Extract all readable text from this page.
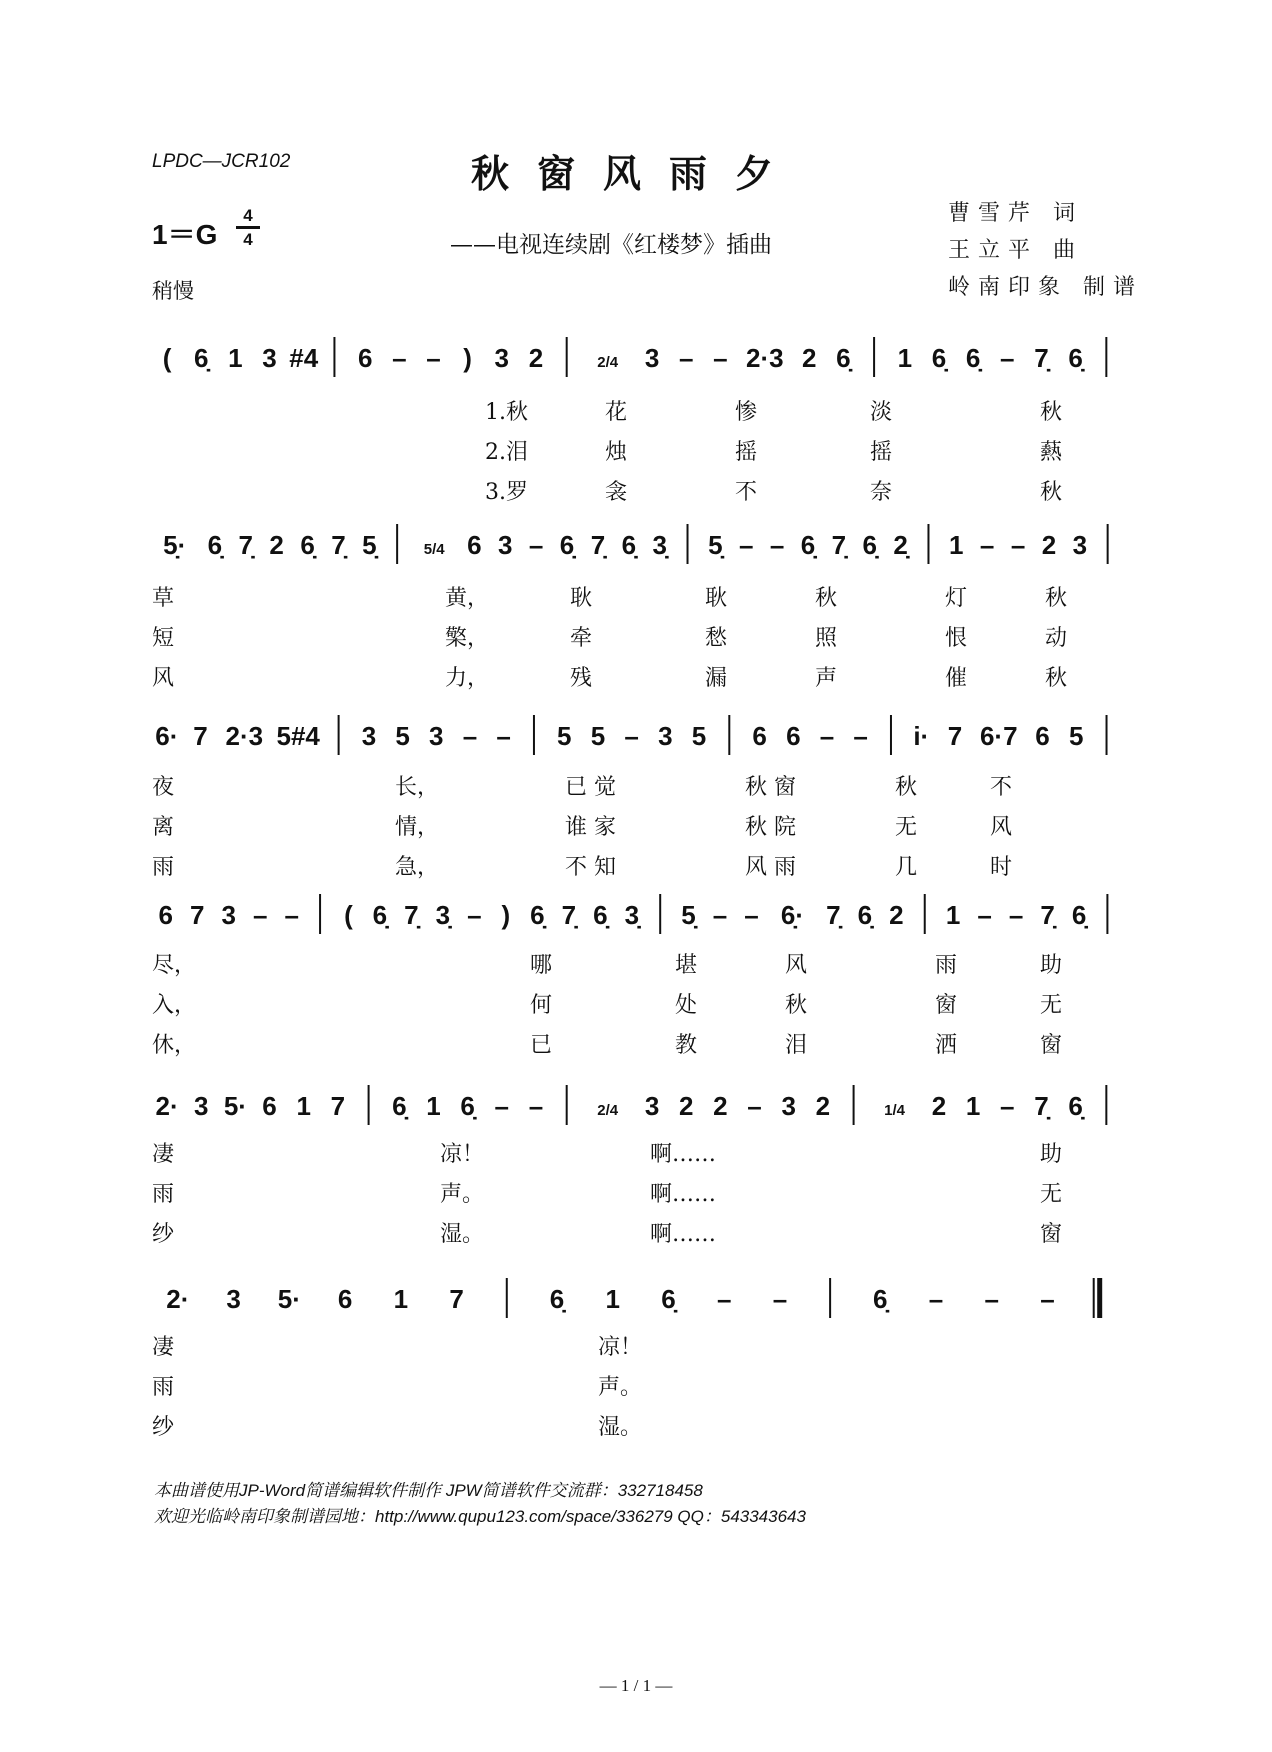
LPDC—JCR102	秋窗风雨夕
——电视连续剧《红楼梦》插曲
1＝G
4
4
稍慢
曹雪芹 词
王立平 曲
岭南印象 制谱
( 6̣ 1 3 #4 6 – – ) 3 2	2/4 3 – – 2·3 2 6̣ 1 6̣ 6̣ – 7̣ 6̣
1.秋	花	惨	淡	秋
2.泪	烛	摇	摇	爇
3.罗	衾	不	奈	秋
5̣· 6̣ 7̣ 2 6̣ 7̣ 5̣	5/4 6 3 – 6̣ 7̣ 6̣ 3̣ 5̣ – – 6̣ 7̣ 6̣ 2̣ 1 – – 2 3
草	黄，	耿	耿	秋	灯	秋
短	檠，	牵	愁	照	恨	动
风	力，	残	漏	声	催	秋
6· 7 2·3 5#4 3 5 3 – – 5 5 – 3 5 6 6 – – i· 7 6·7 6 5
夜	长，	已 觉	秋 窗	秋	不
离	情，	谁 家	秋 院	无	风
雨	急，	不 知	风 雨	几	时
6 7 3 – – ( 6̣ 7̣ 3̣ – ) 6̣ 7̣ 6̣ 3̣ 5̣ – – 6̣· 7̣ 6̣ 2 1 – – 7̣ 6̣
尽，	哪	堪	风	雨	助
入，	何	处	秋	窗	无
休，	已	教	泪	洒	窗
2· 3 5· 6 1 7 6̣ 1 6̣ – –	2/4 3 2 2 – 3 2	1/4 2 1 – 7̣ 6̣
凄	凉！	啊……	助
雨	声。	啊……	无
纱	湿。	啊……	窗
2· 3 5· 6 1 7	6̣ 1 6̣ – –	6̣ – – –
凄	凉！
雨	声。
纱	湿。
本曲谱使用JP-Word简谱编辑软件制作 JPW简谱软件交流群：332718458
欢迎光临岭南印象制谱园地：http://www.qupu123.com/space/336279 QQ：543343643
— 1 / 1 —
